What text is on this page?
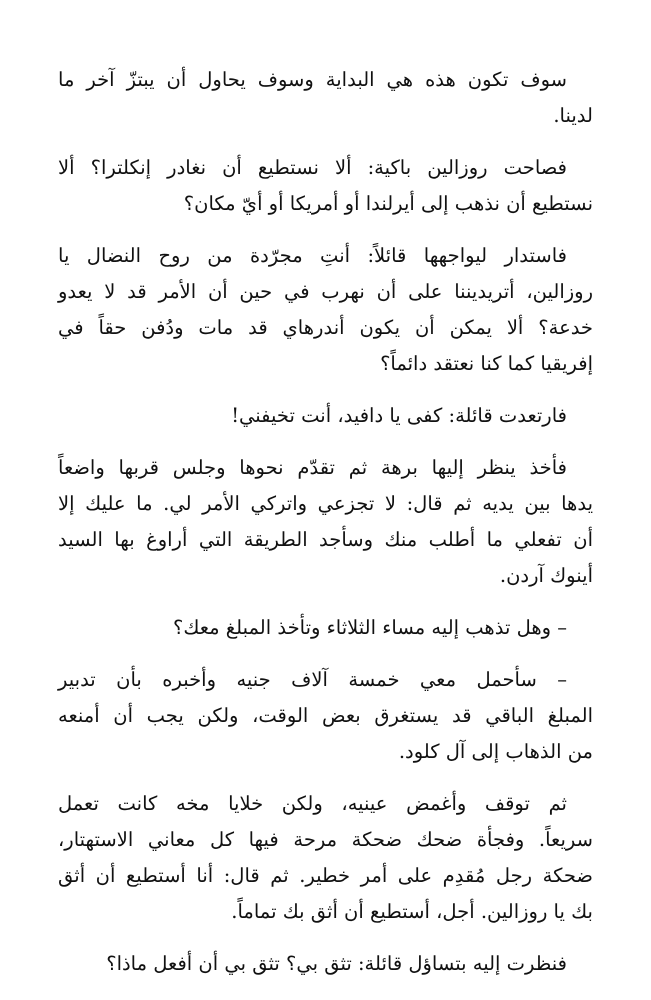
سوف تكون هذه هي البداية وسوف يحاول أن يبتزّ آخر ما
لدينا.
فصاحت روزالين باكية: ألا نستطيع أن نغادر إنكلترا؟ ألا
نستطيع أن نذهب إلى أيرلندا أو أمريكا أو أيّ مكان؟
فاستدار ليواجهها قائلاً: أنتِ مجرّدة من روح النضال يا
روزالين، أتريديننا على أن نهرب في حين أن الأمر قد لا يعدو
خدعة؟ ألا يمكن أن يكون أندرهاي قد مات ودُفن حقاً في
إفريقيا كما كنا نعتقد دائماً؟
فارتعدت قائلة: كفى يا دافيد، أنت تخيفني!
فأخذ ينظر إليها برهة ثم تقدّم نحوها وجلس قربها واضعاً
يدها بين يديه ثم قال: لا تجزعي واتركي الأمر لي. ما عليك إلا
أن تفعلي ما أطلب منك وسأجد الطريقة التي أراوغ بها السيد
أينوك آردن.
– وهل تذهب إليه مساء الثلاثاء وتأخذ المبلغ معك؟
– سأحمل معي خمسة آلاف جنيه وأخبره بأن تدبير
المبلغ الباقي قد يستغرق بعض الوقت، ولكن يجب أن أمنعه
من الذهاب إلى آل كلود.
ثم توقف وأغمض عينيه، ولكن خلايا مخه كانت تعمل
سريعاً. وفجأة ضحك ضحكة مرحة فيها كل معاني الاستهتار،
ضحكة رجل مُقدِم على أمر خطير. ثم قال: أنا أستطيع أن أثق
بك يا روزالين. أجل، أستطيع أن أثق بك تماماً.
فنظرت إليه بتساؤل قائلة: تثق بي؟ تثق بي أن أفعل ماذا؟
